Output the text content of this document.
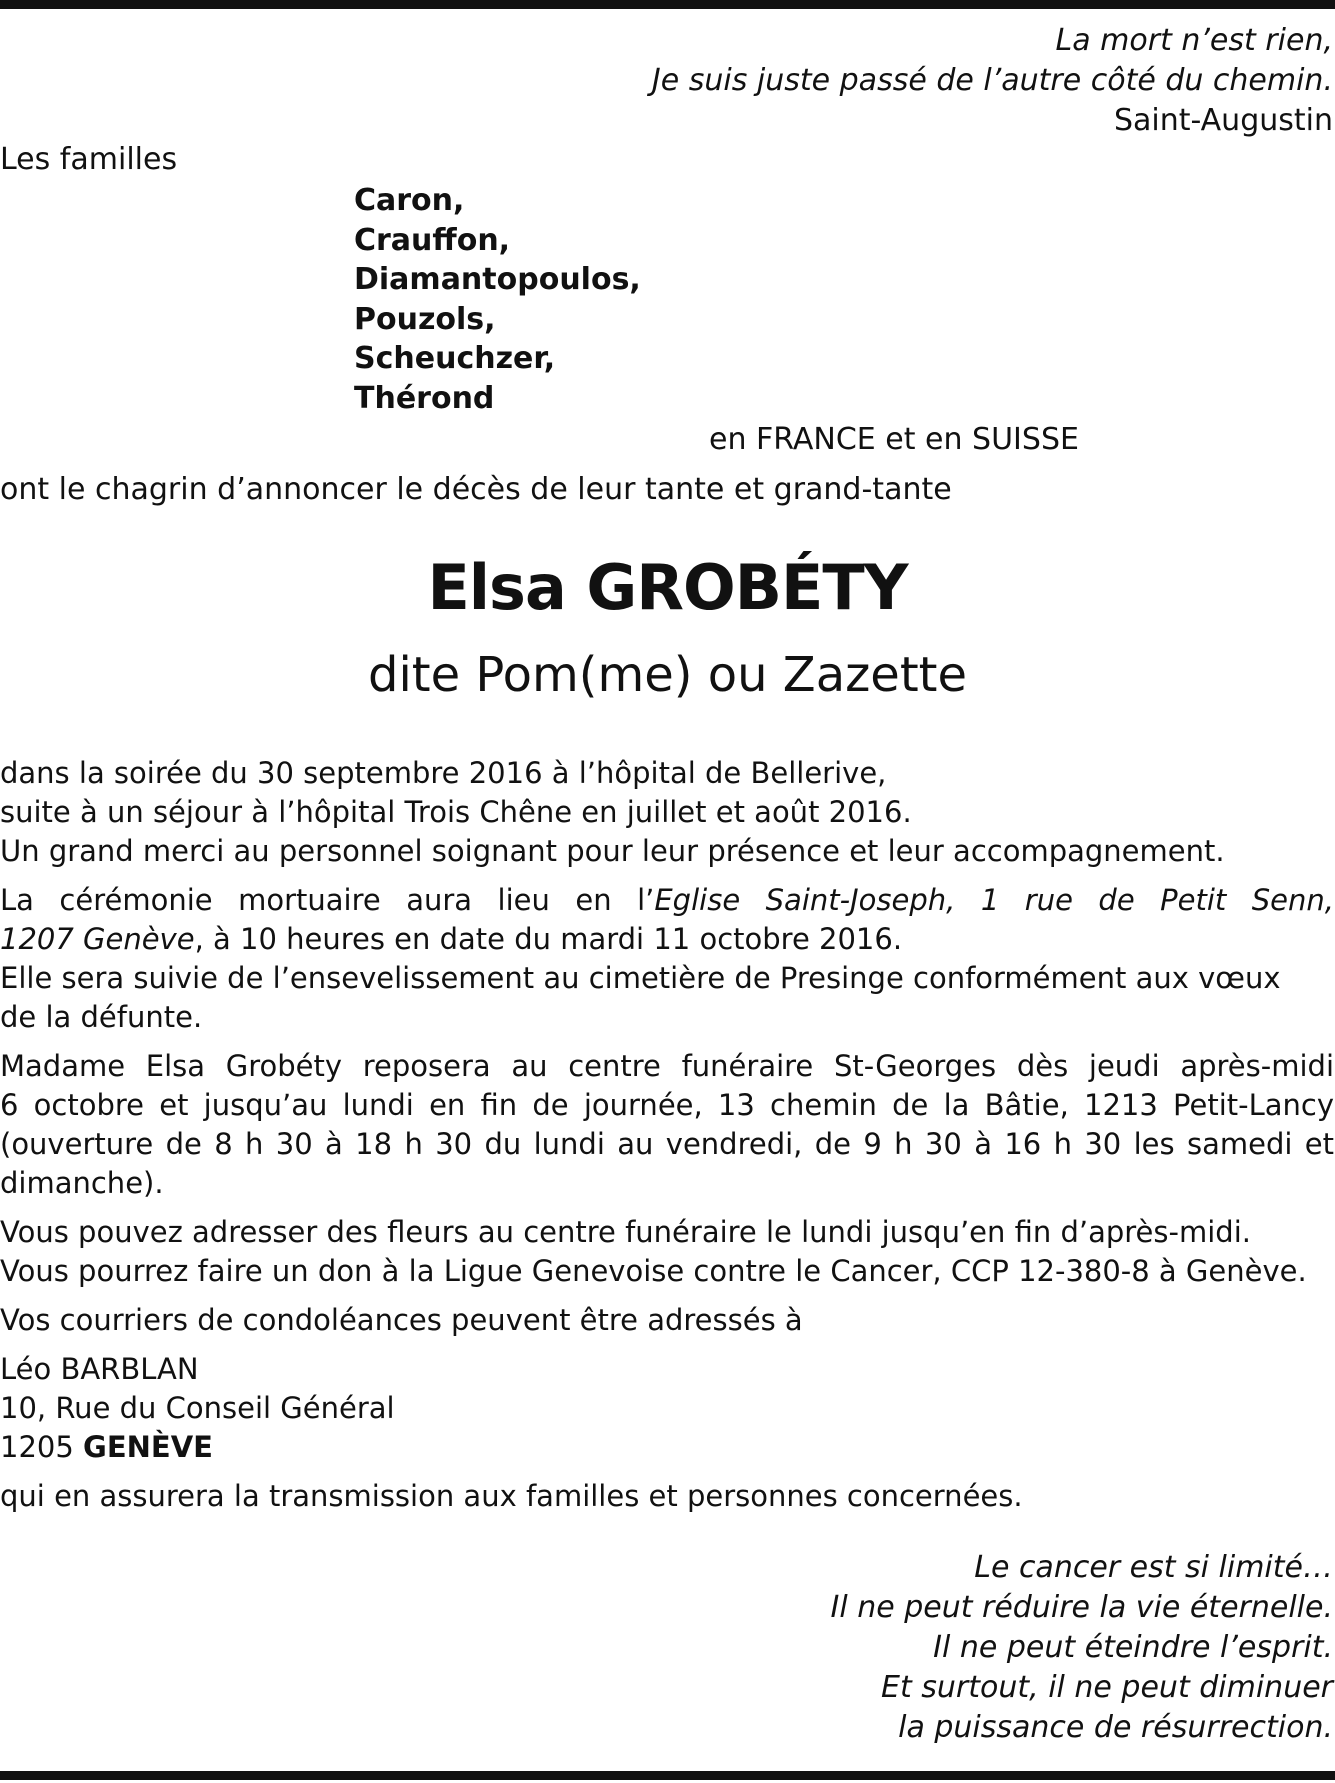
La mort n’est rien,
Je suis juste passé de l’autre côté du chemin.
Saint-Augustin
Les familles
Caron,
Crauffon,
Diamantopoulos,
Pouzols,
Scheuchzer,
Thérond
en FRANCE et en SUISSE
ont le chagrin d’annoncer le décès de leur tante et grand-tante
Elsa GROBÉTY
dite Pom(me) ou Zazette

dans la soirée du 30 septembre 2016 à l’hôpital de Bellerive,
suite à un séjour à l’hôpital Trois Chêne en juillet et août 2016.
Un grand merci au personnel soignant pour leur présence et leur accompagnement.

La cérémonie mortuaire aura lieu en l’Eglise Saint-Joseph, 1 rue de Petit Senn,
1207 Genève, à 10 heures en date du mardi 11 octobre 2016.
Elle sera suivie de l’ensevelissement au cimetière de Presinge conformément aux vœux
de la défunte.

Madame Elsa Grobéty reposera au centre funéraire St-Georges dès jeudi après-midi
6 octobre et jusqu’au lundi en fin de journée, 13 chemin de la Bâtie, 1213 Petit-Lancy
(ouverture de 8 h 30 à 18 h 30 du lundi au vendredi, de 9 h 30 à 16 h 30 les samedi et
dimanche).

Vous pouvez adresser des fleurs au centre funéraire le lundi jusqu’en fin d’après-midi.
Vous pourrez faire un don à la Ligue Genevoise contre le Cancer, CCP 12-380-8 à Genève.

Vos courriers de condoléances peuvent être adressés à

Léo BARBLAN
10, Rue du Conseil Général
1205 GENÈVE

qui en assurera la transmission aux familles et personnes concernées.

Le cancer est si limité…
Il ne peut réduire la vie éternelle.
Il ne peut éteindre l’esprit.
Et surtout, il ne peut diminuer
la puissance de résurrection.
